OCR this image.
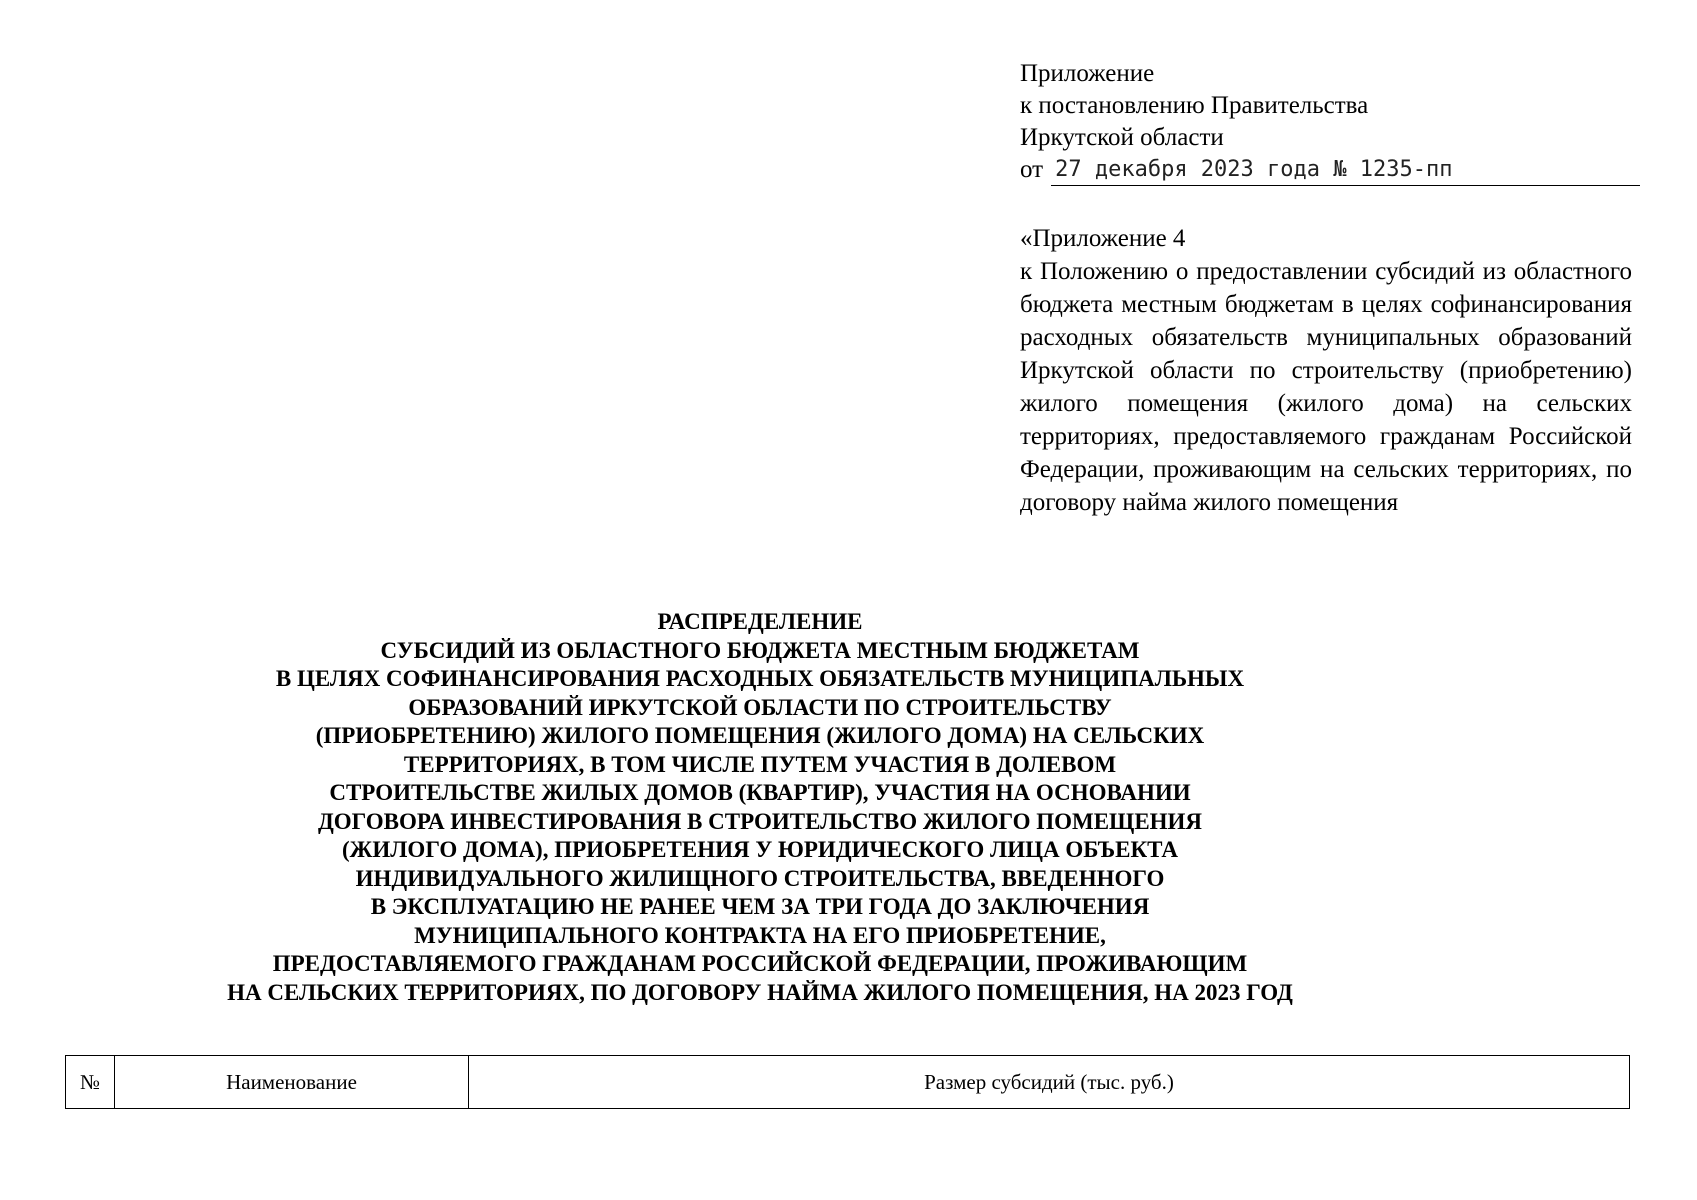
Приложение
к постановлению Правительства
Иркутской области
от 27 декабря 2023 года № 1235-пп
«Приложение 4
к Положению о предоставлении субсидий из областного бюджета местным бюджетам в целях софинансирования расходных обязательств муниципальных образований Иркутской области по строительству (приобретению) жилого помещения (жилого дома) на сельских территориях, предоставляемого гражданам Российской Федерации, проживающим на сельских территориях, по договору найма жилого помещения
РАСПРЕДЕЛЕНИЕ
СУБСИДИЙ ИЗ ОБЛАСТНОГО БЮДЖЕТА МЕСТНЫМ БЮДЖЕТАМ
В ЦЕЛЯХ СОФИНАНСИРОВАНИЯ РАСХОДНЫХ ОБЯЗАТЕЛЬСТВ МУНИЦИПАЛЬНЫХ
ОБРАЗОВАНИЙ ИРКУТСКОЙ ОБЛАСТИ ПО СТРОИТЕЛЬСТВУ
(ПРИОБРЕТЕНИЮ) ЖИЛОГО ПОМЕЩЕНИЯ (ЖИЛОГО ДОМА) НА СЕЛЬСКИХ
ТЕРРИТОРИЯХ, В ТОМ ЧИСЛЕ ПУТЕМ УЧАСТИЯ В ДОЛЕВОМ
СТРОИТЕЛЬСТВЕ ЖИЛЫХ ДОМОВ (КВАРТИР), УЧАСТИЯ НА ОСНОВАНИИ
ДОГОВОРА ИНВЕСТИРОВАНИЯ В СТРОИТЕЛЬСТВО ЖИЛОГО ПОМЕЩЕНИЯ
(ЖИЛОГО ДОМА), ПРИОБРЕТЕНИЯ У ЮРИДИЧЕСКОГО ЛИЦА ОБЪЕКТА
ИНДИВИДУАЛЬНОГО ЖИЛИЩНОГО СТРОИТЕЛЬСТВА, ВВЕДЕННОГО
В ЭКСПЛУАТАЦИЮ НЕ РАНЕЕ ЧЕМ ЗА ТРИ ГОДА ДО ЗАКЛЮЧЕНИЯ
МУНИЦИПАЛЬНОГО КОНТРАКТА НА ЕГО ПРИОБРЕТЕНИЕ,
ПРЕДОСТАВЛЯЕМОГО ГРАЖДАНАМ РОССИЙСКОЙ ФЕДЕРАЦИИ, ПРОЖИВАЮЩИМ
НА СЕЛЬСКИХ ТЕРРИТОРИЯХ, ПО ДОГОВОРУ НАЙМА ЖИЛОГО ПОМЕЩЕНИЯ, НА 2023 ГОД
№	Наименование	Размер субсидий (тыс. руб.)
